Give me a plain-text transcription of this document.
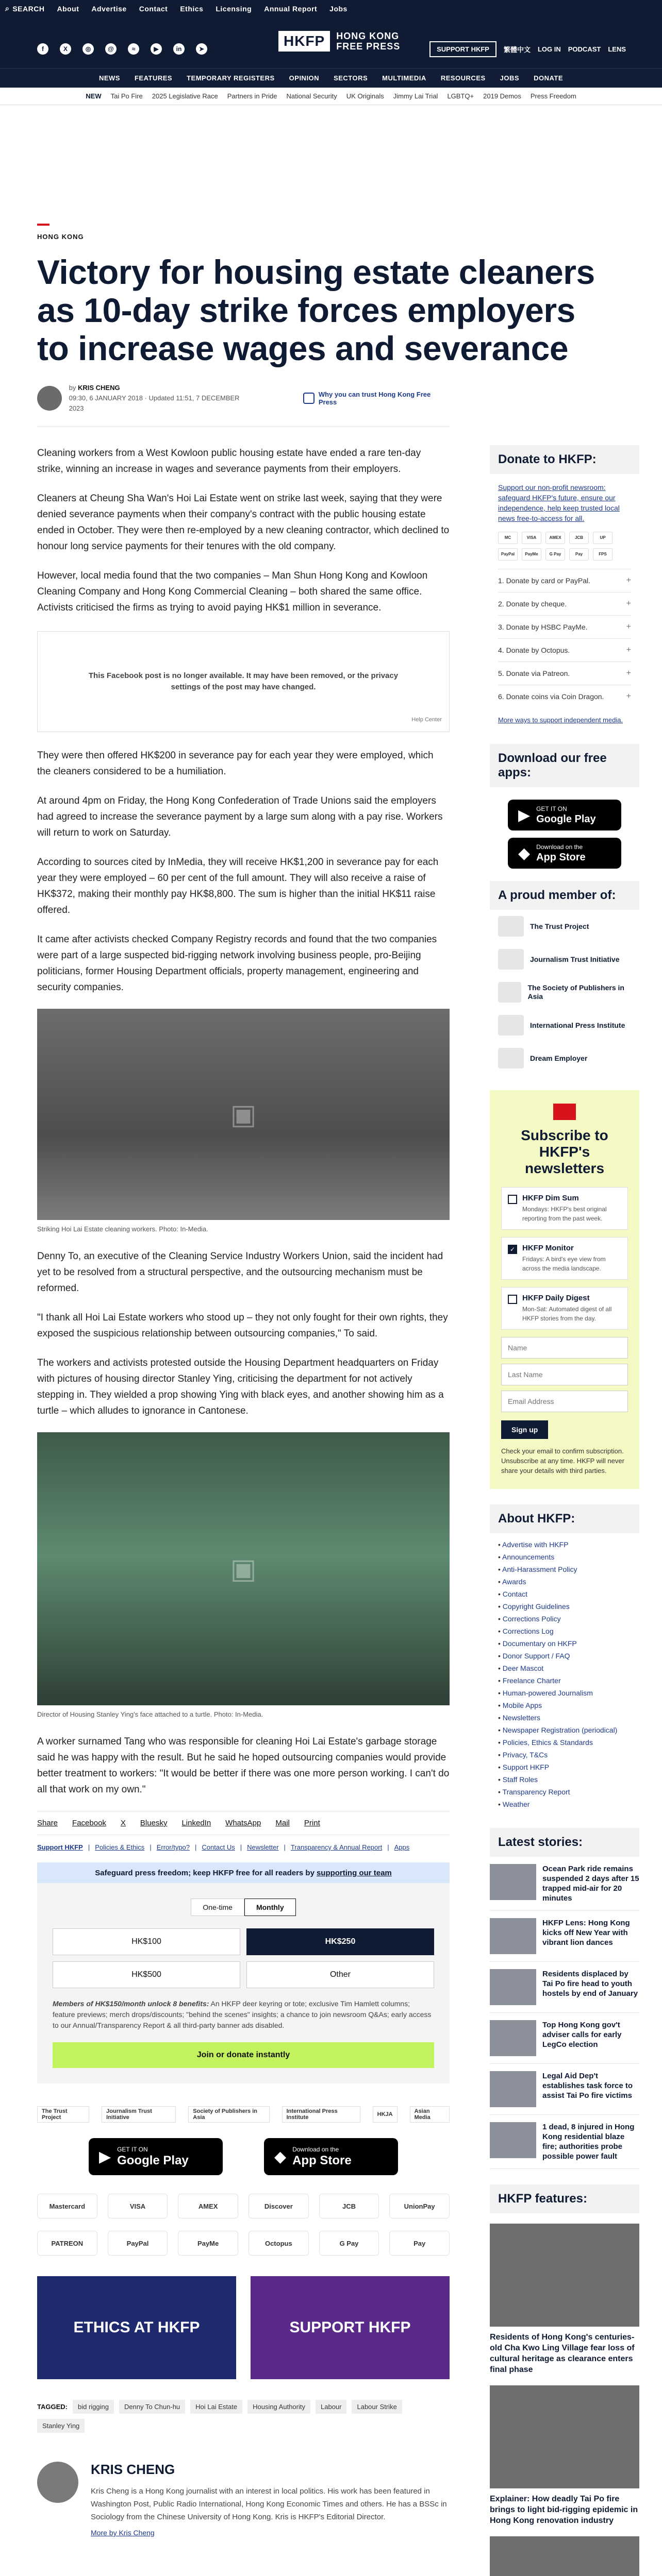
⌕ SEARCH About Advertise Contact Ethics Licensing Annual Report Jobs
f	X	◎	@	≈	▶	in	➤	HKFP	HONG KONG
FREE PRESS	SUPPORT HKFP	繁體中文 LOG IN PODCAST LENS
NEWS FEATURES TEMPORARY REGISTERS OPINION SECTORS MULTIMEDIA RESOURCES JOBS DONATE
NEW Tai Po Fire 2025 Legislative Race Partners in Pride National Security UK Originals Jimmy Lai Trial LGBTQ+ 2019 Demos Press Freedom
HONG KONG
Victory for housing estate cleaners as 10-day strike forces employers to increase wages and severance
by KRIS CHENG
09:30, 6 JANUARY 2018 · Updated 11:51, 7 DECEMBER 2023
Why you can trust Hong Kong Free Press

Cleaning workers from a West Kowloon public housing estate have ended a rare ten-day strike, winning an increase in wages and severance payments from their employers.

Cleaners at Cheung Sha Wan's Hoi Lai Estate went on strike last week, saying that they were denied severance payments when their company's contract with the public housing estate ended in October. They were then re-employed by a new cleaning contractor, which declined to honour long service payments for their tenures with the old company.

However, local media found that the two companies – Man Shun Hong Kong and Kowloon Cleaning Company and Hong Kong Commercial Cleaning – both shared the same office. Activists criticised the firms as trying to avoid paying HK$1 million in severance.

This Facebook post is no longer available. It may have been removed, or the privacy
settings of the post may have changed.
Help Center

They were then offered HK$200 in severance pay for each year they were employed, which the cleaners considered to be a humiliation.

At around 4pm on Friday, the Hong Kong Confederation of Trade Unions said the employers had agreed to increase the severance payment by a large sum along with a pay rise. Workers will return to work on Saturday.

According to sources cited by InMedia, they will receive HK$1,200 in severance pay for each year they were employed – 60 per cent of the full amount. They will also receive a raise of HK$372, making their monthly pay HK$8,800. The sum is higher than the initial HK$11 raise offered.

It came after activists checked Company Registry records and found that the two companies were part of a large suspected bid-rigging network involving business people, pro-Beijing politicians, former Housing Department officials, property management, engineering and security companies.

▣
Striking Hoi Lai Estate cleaning workers. Photo: In-Media.

Denny To, an executive of the Cleaning Service Industry Workers Union, said the incident had yet to be resolved from a structural perspective, and the outsourcing mechanism must be reformed.

"I thank all Hoi Lai Estate workers who stood up – they not only fought for their own rights, they exposed the suspicious relationship between outsourcing companies," To said.

The workers and activists protested outside the Housing Department headquarters on Friday with pictures of housing director Stanley Ying, criticising the department for not actively stepping in. They wielded a prop showing Ying with black eyes, and another showing him as a turtle – which alludes to ignorance in Cantonese.

▣
Director of Housing Stanley Ying's face attached to a turtle. Photo: In-Media.

A worker surnamed Tang who was responsible for cleaning Hoi Lai Estate's garbage storage said he was happy with the result. But he said he hoped outsourcing companies would provide better treatment to workers: "It would be better if there was one more person working. I can't do all that work on my own."

Share Facebook X Bluesky LinkedIn WhatsApp Mail Print
Support HKFP | Policies & Ethics | Error/typo? | Contact Us | Newsletter | Transparency & Annual Report | Apps
Safeguard press freedom; keep HKFP free for all readers by supporting our team
One-time	Monthly
HK$100	HK$250
HK$500	Other
Members of HK$150/month unlock 8 benefits: An HKFP deer keyring or tote; exclusive Tim Hamlett columns; feature previews; merch drops/discounts; "behind the scenes" insights; a chance to join newsroom Q&As; early access to our Annual/Transparency Report & all third-party banner ads disabled.
Join or donate instantly
The Trust Project
Journalism Trust Initiative
Society of Publishers in Asia
International Press Institute	HKJA	Asian Media
▶ GET IT ON
Google Play	◆ Download on the
App Store
Mastercard	VISA	AMEX	Discover	JCB	UnionPay
PATREON	PayPal	PayMe	Octopus	G Pay	Pay
ETHICS AT HKFP	SUPPORT HKFP
TAGGED:	bid rigging	Denny To Chun-hu	Hoi Lai Estate	Housing Authority	Labour	Labour Strike
Stanley Ying
KRIS CHENG
Kris Cheng is a Hong Kong journalist with an interest in local politics. His work has been featured in Washington Post, Public Radio International, Hong Kong Economic Times and others. He has a BSSc in Sociology from the Chinese University of Hong Kong. Kris is HKFP's Editorial Director.
More by Kris Cheng
Donate to HKFP:
Support our non-profit newsroom: safeguard HKFP's future, ensure our independence, help keep trusted local news free-to-access for all.
MC	VISA	AMEX	JCB	UP
PayPal	PayMe	G Pay	Pay	FPS
1. Donate by card or PayPal.	+
2. Donate by cheque.	+
3. Donate by HSBC PayMe.	+
4. Donate by Octopus.	+
5. Donate via Patreon.	+
6. Donate coins via Coin Dragon.	+
More ways to support independent media.
Download our free apps:
▶ GET IT ON
Google Play
◆ Download on the
App Store
A proud member of:
The Trust Project
Journalism Trust Initiative
The Society of Publishers in Asia
International Press Institute
Dream Employer
Subscribe to HKFP's newsletters
HKFP Dim Sum
Mondays: HKFP's best original reporting from the past week.
✓ HKFP Monitor
Fridays: A bird's eye view from across the media landscape.
HKFP Daily Digest
Mon-Sat: Automated digest of all HKFP stories from the day.
Name
Last Name
Email Address Sign up
Check your email to confirm subscription. Unsubscribe at any time. HKFP will never share your details with third parties.
About HKFP:
• Advertise with HKFP
• Announcements
• Anti-Harassment Policy
• Awards
• Contact
• Copyright Guidelines
• Corrections Policy
• Corrections Log
• Documentary on HKFP
• Donor Support / FAQ
• Deer Mascot
• Freelance Charter
• Human-powered Journalism
• Mobile Apps
• Newsletters
• Newspaper Registration (periodical)
• Policies, Ethics & Standards
• Privacy, T&Cs
• Support HKFP
• Staff Roles
• Transparency Report
• Weather
Latest stories:
Ocean Park ride remains suspended 2 days after 15 trapped mid-air for 20 minutes
HKFP Lens: Hong Kong kicks off New Year with vibrant lion dances
Residents displaced by Tai Po fire head to youth hostels by end of January
Top Hong Kong gov't adviser calls for early LegCo election
Legal Aid Dep't establishes task force to assist Tai Po fire victims
1 dead, 8 injured in Hong Kong residential blaze fire; authorities probe possible power fault
HKFP features:
Residents of Hong Kong's centuries-old Cha Kwo Ling Village fear loss of cultural heritage as clearance enters final phase
Explainer: How deadly Tai Po fire brings to light bid-rigging epidemic in Hong Kong renovation industry
